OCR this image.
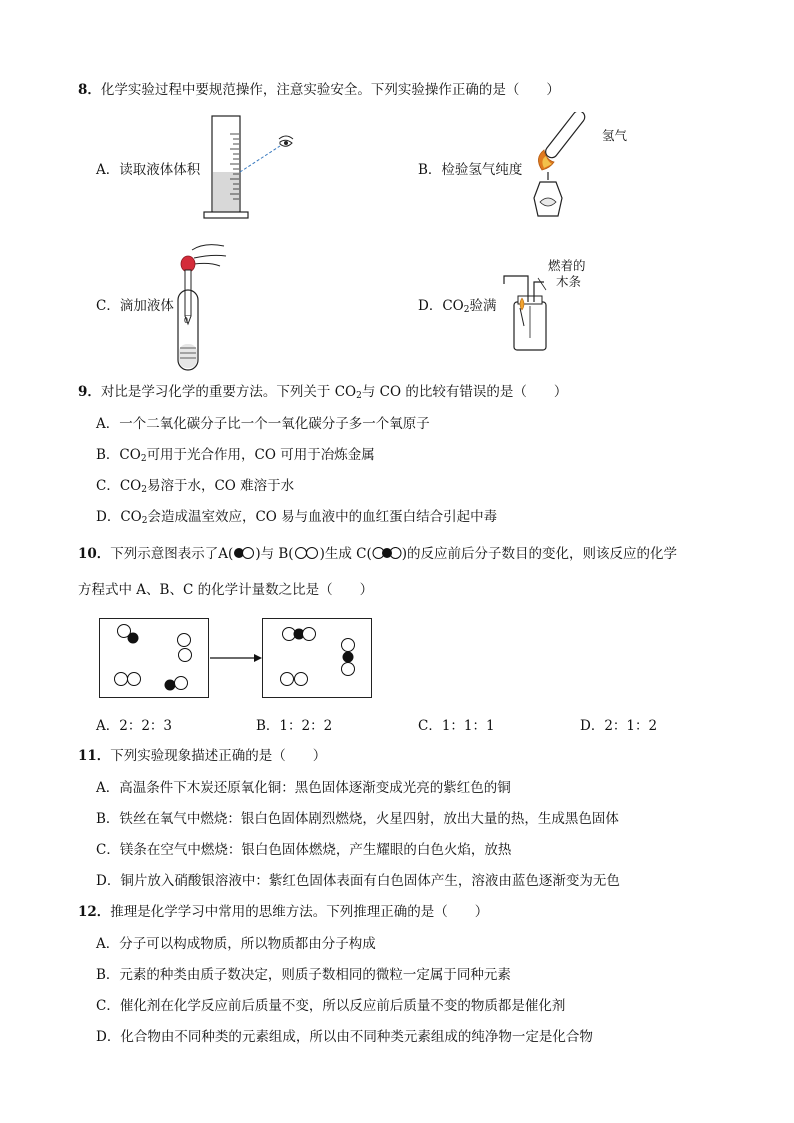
8．化学实验过程中要规范操作，注意实验安全。下列实验操作正确的是（　　）
A．读取液体体积	B．检验氢气纯度
氢气
C．滴加液体	D．$CO_2$验满
燃着的
木条
9．对比是学习化学的重要方法。下列关于 $CO_2$与 CO 的比较有错误的是（　　）
A．一个二氧化碳分子比一个一氧化碳分子多一个氧原子
B．$CO_2$可用于光合作用，CO 可用于冶炼金属
C．$CO_2$易溶于水，CO 难溶于水
D．$CO_2$会造成温室效应，CO 易与血液中的血红蛋白结合引起中毒
10．下列示意图表示了A( )与 B( )生成 C( )的反应前后分子数目的变化，则该反应的化学
方程式中 A、B、C 的化学计量数之比是（　　）
A．2：2：3	B．1：2：2	C．1：1：1	D．2：1：2
11．下列实验现象描述正确的是（　　）
A．高温条件下木炭还原氧化铜：黑色固体逐渐变成光亮的紫红色的铜
B．铁丝在氧气中燃烧：银白色固体剧烈燃烧，火星四射，放出大量的热，生成黑色固体
C．镁条在空气中燃烧：银白色固体燃烧，产生耀眼的白色火焰，放热
D．铜片放入硝酸银溶液中：紫红色固体表面有白色固体产生，溶液由蓝色逐渐变为无色
12．推理是化学学习中常用的思维方法。下列推理正确的是（　　）
A．分子可以构成物质，所以物质都由分子构成
B．元素的种类由质子数决定，则质子数相同的微粒一定属于同种元素
C．催化剂在化学反应前后质量不变，所以反应前后质量不变的物质都是催化剂
D．化合物由不同种类的元素组成，所以由不同种类元素组成的纯净物一定是化合物
